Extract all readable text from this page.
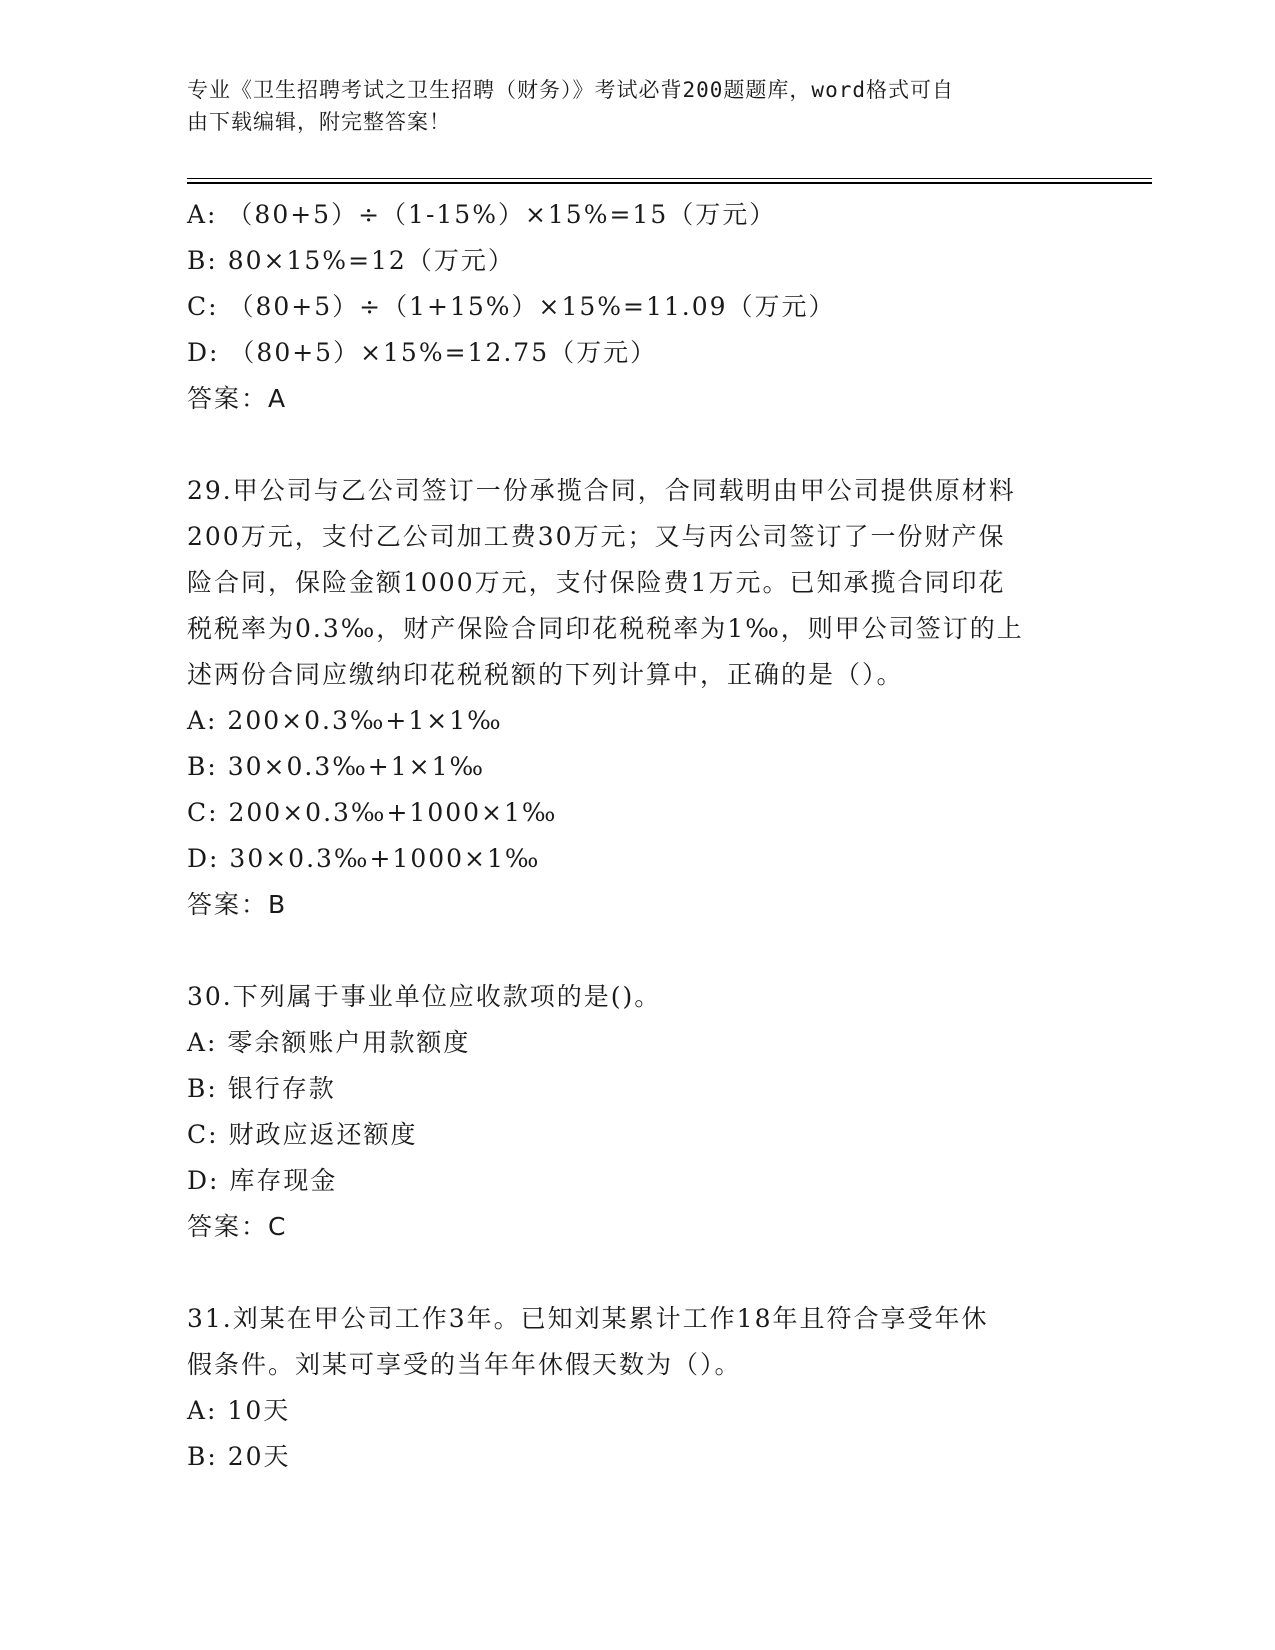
专业《卫生招聘考试之卫生招聘（财务）》考试必背200题题库，word格式可自
由下载编辑，附完整答案！
A: （80+5）÷（1-15%）×15%=15（万元）
B: 80×15%=12（万元）
C: （80+5）÷（1+15%）×15%=11.09（万元）
D: （80+5）×15%=12.75（万元）
答案：A
29.甲公司与乙公司签订一份承揽合同，合同载明由甲公司提供原材料
200万元，支付乙公司加工费30万元；又与丙公司签订了一份财产保
险合同，保险金额1000万元，支付保险费1万元。已知承揽合同印花
税税率为0.3‰，财产保险合同印花税税率为1‰，则甲公司签订的上
述两份合同应缴纳印花税税额的下列计算中，正确的是（）。
A: 200×0.3‰+1×1‰
B: 30×0.3‰+1×1‰
C: 200×0.3‰+1000×1‰
D: 30×0.3‰+1000×1‰
答案：B
30.下列属于事业单位应收款项的是()。
A: 零余额账户用款额度
B: 银行存款
C: 财政应返还额度
D: 库存现金
答案：C
31.刘某在甲公司工作3年。已知刘某累计工作18年且符合享受年休
假条件。刘某可享受的当年年休假天数为（）。
A: 10天
B: 20天
